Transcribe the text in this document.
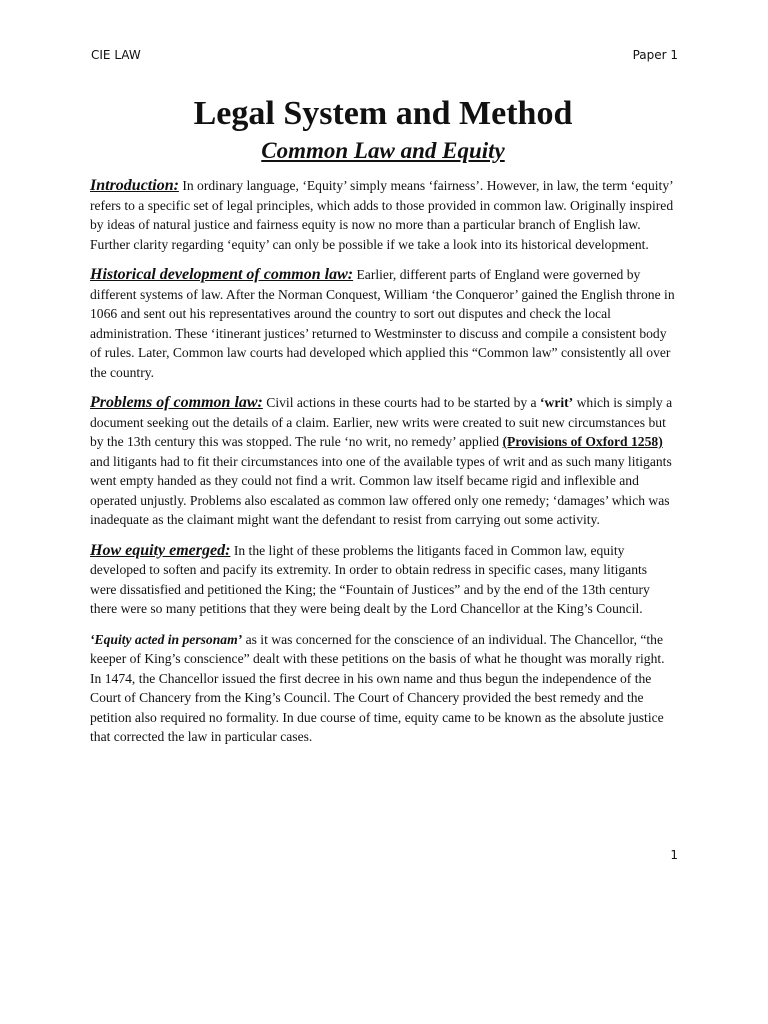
CIE LAW	Paper 1
Legal System and Method
Common Law and Equity

Introduction: In ordinary language, ‘Equity’ simply means ‘fairness’. However, in law, the term ‘equity’ refers to a specific set of legal principles, which adds to those provided in common law. Originally inspired by ideas of natural justice and fairness equity is now no more than a particular branch of English law. Further clarity regarding ‘equity’ can only be possible if we take a look into its historical development.

Historical development of common law: Earlier, different parts of England were governed by different systems of law. After the Norman Conquest, William ‘the Conqueror’ gained the English throne in 1066 and sent out his representatives around the country to sort out disputes and check the local administration. These ‘itinerant justices’ returned to Westminster to discuss and compile a consistent body of rules. Later, Common law courts had developed which applied this “Common law” consistently all over the country.

Problems of common law: Civil actions in these courts had to be started by a ‘writ’ which is simply a document seeking out the details of a claim. Earlier, new writs were created to suit new circumstances but by the 13th century this was stopped. The rule ‘no writ, no remedy’ applied (Provisions of Oxford 1258) and litigants had to fit their circumstances into one of the available types of writ and as such many litigants went empty handed as they could not find a writ. Common law itself became rigid and inflexible and operated unjustly. Problems also escalated as common law offered only one remedy; ‘damages’ which was inadequate as the claimant might want the defendant to resist from carrying out some activity.

How equity emerged: In the light of these problems the litigants faced in Common law, equity developed to soften and pacify its extremity. In order to obtain redress in specific cases, many litigants were dissatisfied and petitioned the King; the “Fountain of Justices” and by the end of the 13th century there were so many petitions that they were being dealt by the Lord Chancellor at the King’s Council.

‘Equity acted in personam’ as it was concerned for the conscience of an individual. The Chancellor, “the keeper of King’s conscience” dealt with these petitions on the basis of what he thought was morally right. In 1474, the Chancellor issued the first decree in his own name and thus begun the independence of the Court of Chancery from the King’s Council. The Court of Chancery provided the best remedy and the petition also required no formality. In due course of time, equity came to be known as the absolute justice that corrected the law in particular cases.

1
